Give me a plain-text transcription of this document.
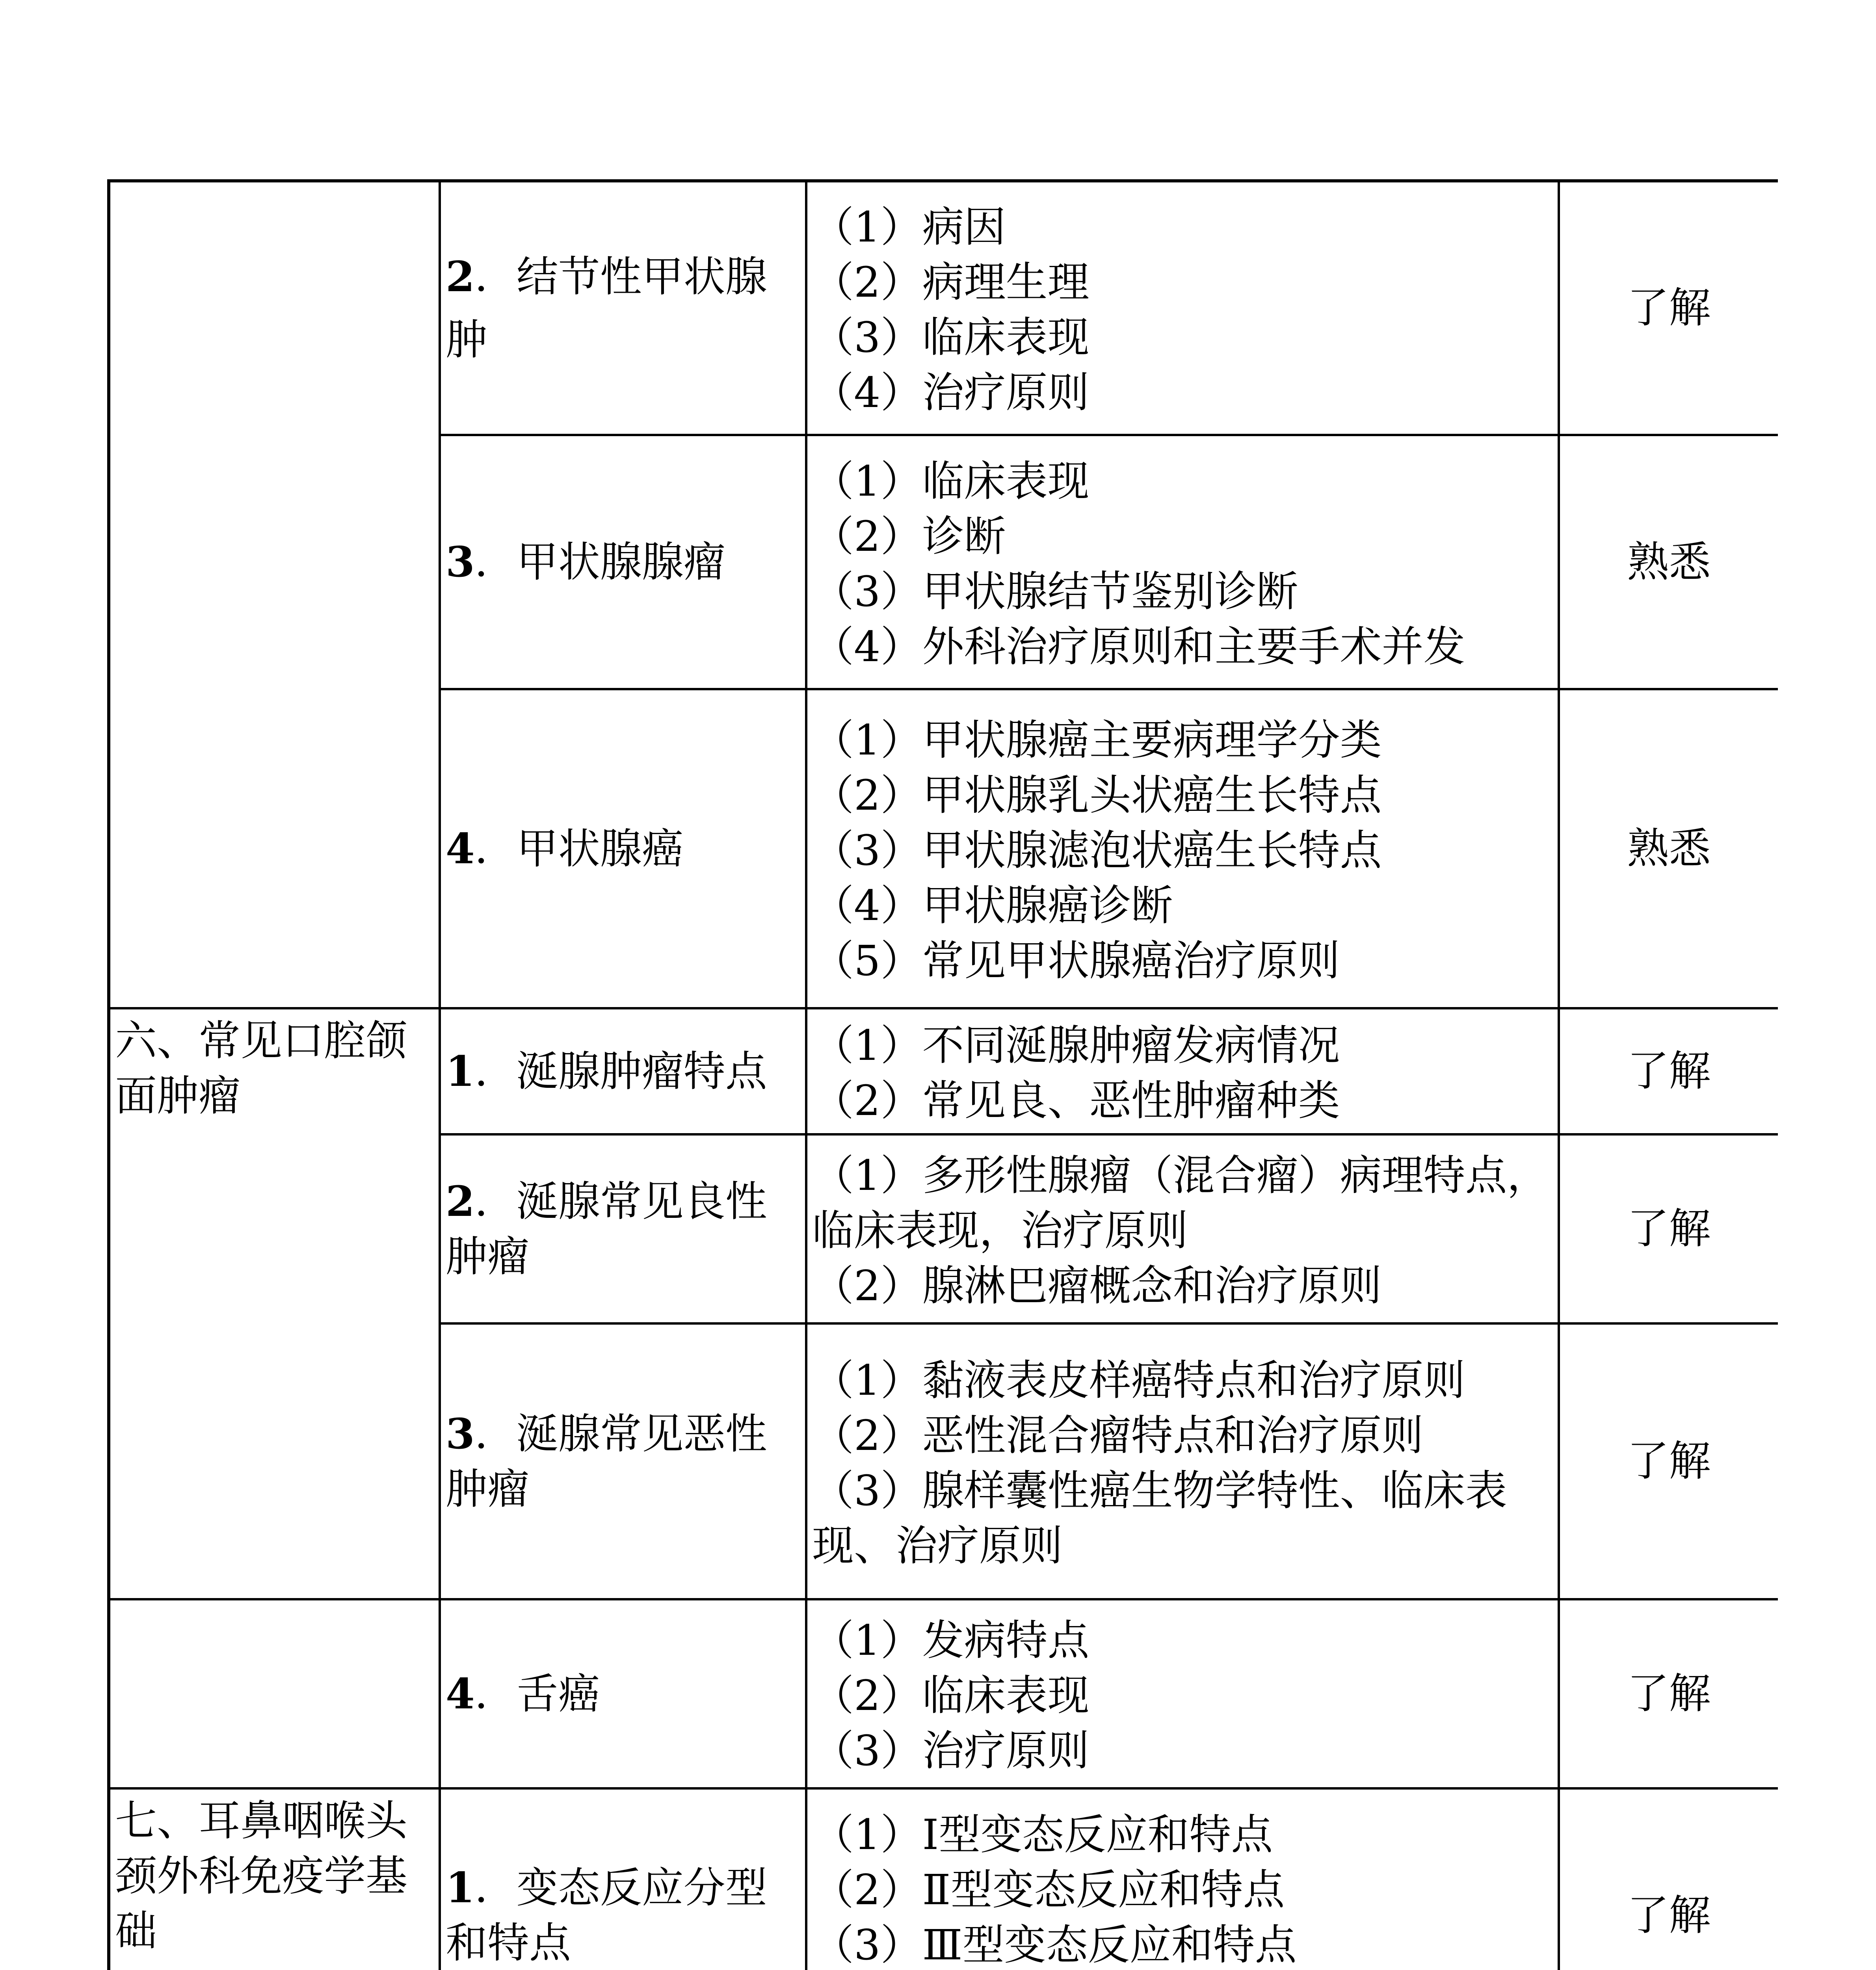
	2．结节性甲状腺肿	（1）病因
（2）病理生理
（3）临床表现
（4）治疗原则	了解
	3．甲状腺腺瘤	（1）临床表现
（2）诊断
（3）甲状腺结节鉴别诊断
（4）外科治疗原则和主要手术并发	熟悉
	4．甲状腺癌	（1）甲状腺癌主要病理学分类
（2）甲状腺乳头状癌生长特点
（3）甲状腺滤泡状癌生长特点
（4）甲状腺癌诊断
（5）常见甲状腺癌治疗原则	熟悉
六、常见口腔颌面肿瘤	1．涎腺肿瘤特点	（1）不同涎腺肿瘤发病情况
（2）常见良、恶性肿瘤种类	了解
	2．涎腺常见良性肿瘤	（1）多形性腺瘤（混合瘤）病理特点，临床表现，治疗原则
（2）腺淋巴瘤概念和治疗原则	了解
	3．涎腺常见恶性肿瘤	（1）黏液表皮样癌特点和治疗原则
（2）恶性混合瘤特点和治疗原则
（3）腺样囊性癌生物学特性、临床表现、治疗原则	了解
	4．舌癌	（1）发病特点
（2）临床表现
（3）治疗原则	了解
七、耳鼻咽喉头颈外科免疫学基础	1．变态反应分型和特点	（1）Ⅰ型变态反应和特点
（2）Ⅱ型变态反应和特点
（3）Ⅲ型变态反应和特点	了解
